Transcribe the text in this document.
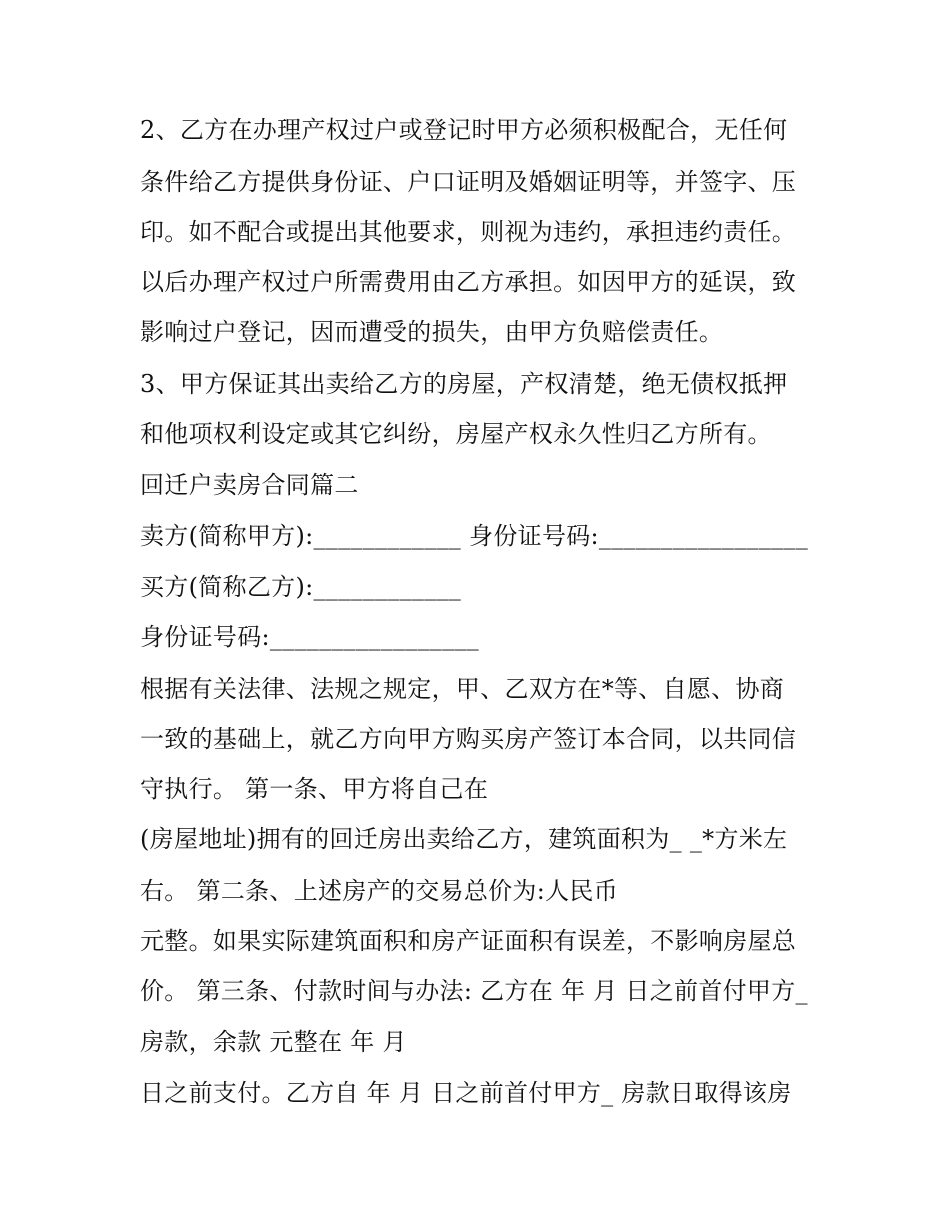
2、乙方在办理产权过户或登记时甲方必须积极配合，无任何
条件给乙方提供身份证、户口证明及婚姻证明等，并签字、压
印。如不配合或提出其他要求，则视为违约，承担违约责任。
以后办理产权过户所需费用由乙方承担。如因甲方的延误，致
影响过户登记，因而遭受的损失，由甲方负赔偿责任。
3、甲方保证其出卖给乙方的房屋，产权清楚，绝无债权抵押
和他项权利设定或其它纠纷，房屋产权永久性归乙方所有。
回迁户卖房合同篇二
卖方(简称甲方):____________ 身份证号码:_________________
买方(简称乙方):____________
身份证号码:_________________
根据有关法律、法规之规定，甲、乙双方在*等、自愿、协商
一致的基础上，就乙方向甲方购买房产签订本合同，以共同信
守执行。 第一条、甲方将自己在
(房屋地址)拥有的回迁房出卖给乙方，建筑面积为_ _*方米左
右。 第二条、上述房产的交易总价为:人民币
元整。如果实际建筑面积和房产证面积有误差，不影响房屋总
价。 第三条、付款时间与办法: 乙方在 年 月 日之前首付甲方_
房款，余款 元整在 年 月
日之前支付。乙方自 年 月 日之前首付甲方_ 房款日取得该房
